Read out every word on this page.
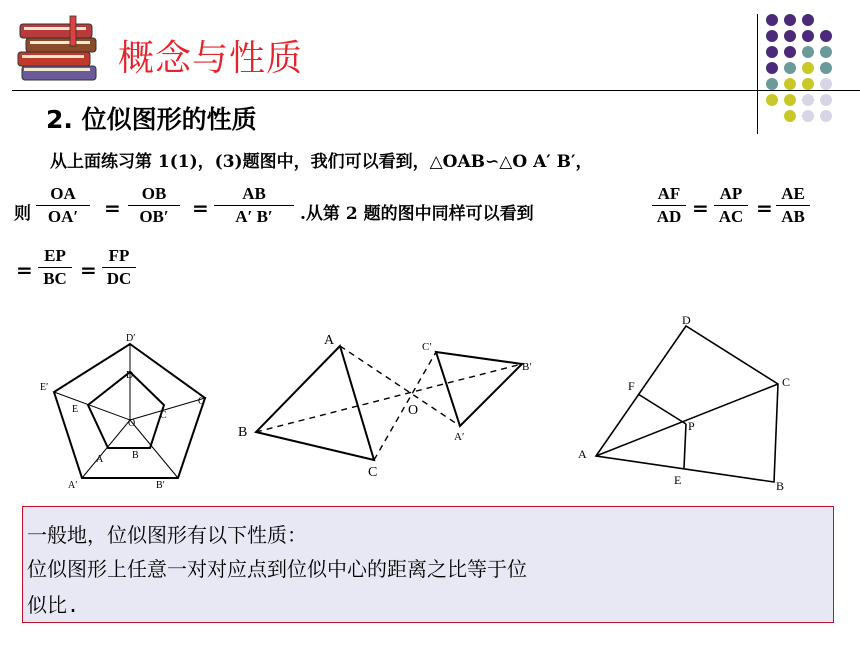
概念与性质
2. 位似图形的性质
从上面练习第 1(1)，(3)题图中，我们可以看到，△OAB∽△O A′ B′，
则
OA
OA′	=
OB
OB′	=
AB
A′ B′	.从第 2 题的图中同样可以看到
AF
AD =
AP
AC =
AE
AB
=
EP
BC =
FP
DC
D′
D
E′
E
C′
C
O
A	B
A′	B′
A
B
C
O
C′
B′
A′
D
F	C
P
A
E	B
一般地，位似图形有以下性质：
位似图形上任意一对对应点到位似中心的距离之比等于位
似比.
